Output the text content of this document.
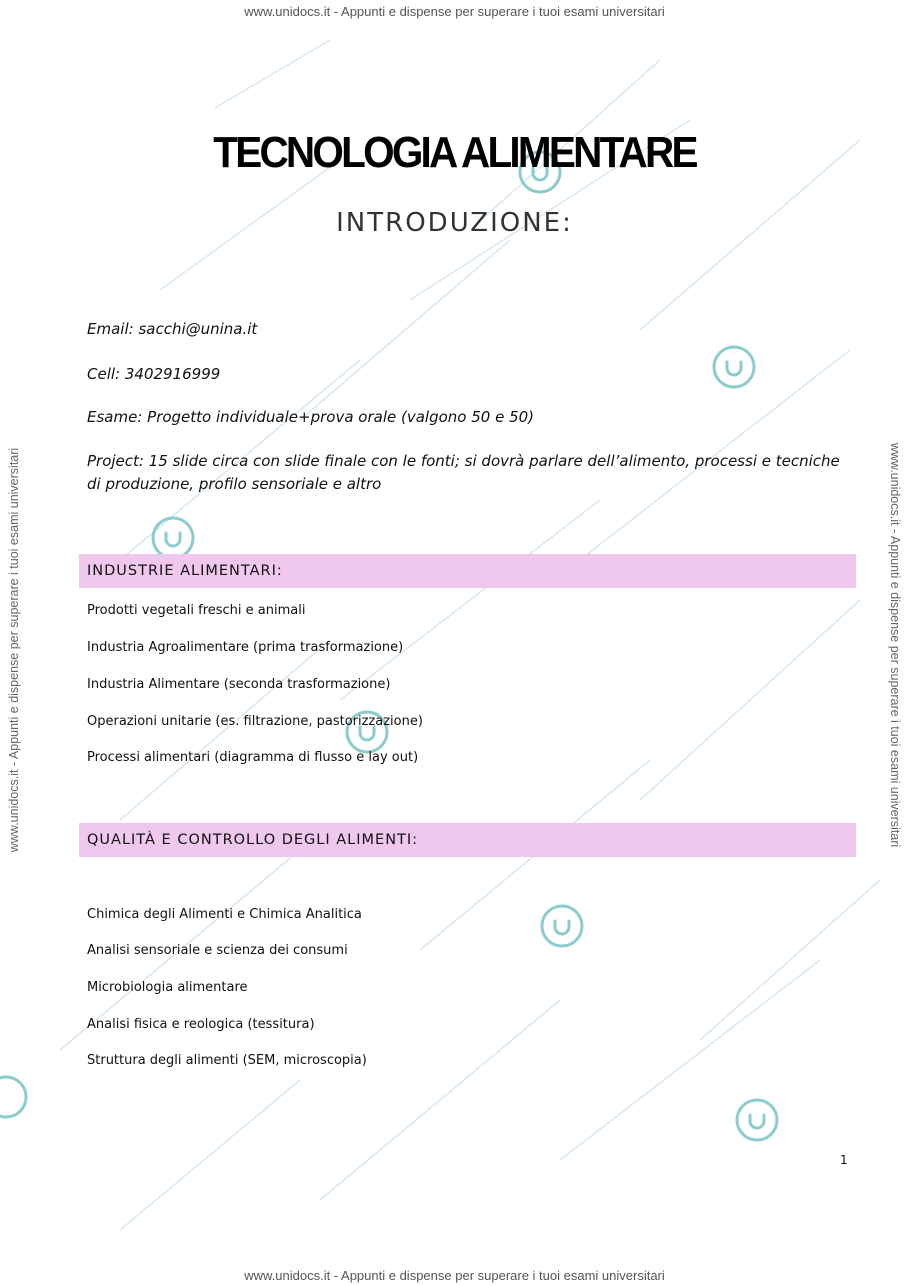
www.unidocs.it - Appunti e dispense per superare i tuoi esami universitari
www.unidocs.it - Appunti e dispense per superare i tuoi esami universitari
www.unidocs.it - Appunti e dispense per superare i tuoi esami universitari	www.unidocs.it - Appunti e dispense per superare i tuoi esami universitari
TECNOLOGIA ALIMENTARE
INTRODUZIONE:
Email: sacchi@unina.it
Cell: 3402916999
Esame: Progetto individuale+prova orale (valgono 50 e 50)
Project: 15 slide circa con slide finale con le fonti; si dovrà parlare dell’alimento, processi e tecniche di produzione, profilo sensoriale e altro
INDUSTRIE ALIMENTARI:
Prodotti vegetali freschi e animali
Industria Agroalimentare (prima trasformazione)
Industria Alimentare (seconda trasformazione)
Operazioni unitarie (es. filtrazione, pastorizzazione)
Processi alimentari (diagramma di flusso e lay out)
QUALITÀ E CONTROLLO DEGLI ALIMENTI:
Chimica degli Alimenti e Chimica Analitica
Analisi sensoriale e scienza dei consumi
Microbiologia alimentare
Analisi fisica e reologica (tessitura)
Struttura degli alimenti (SEM, microscopia)
1
